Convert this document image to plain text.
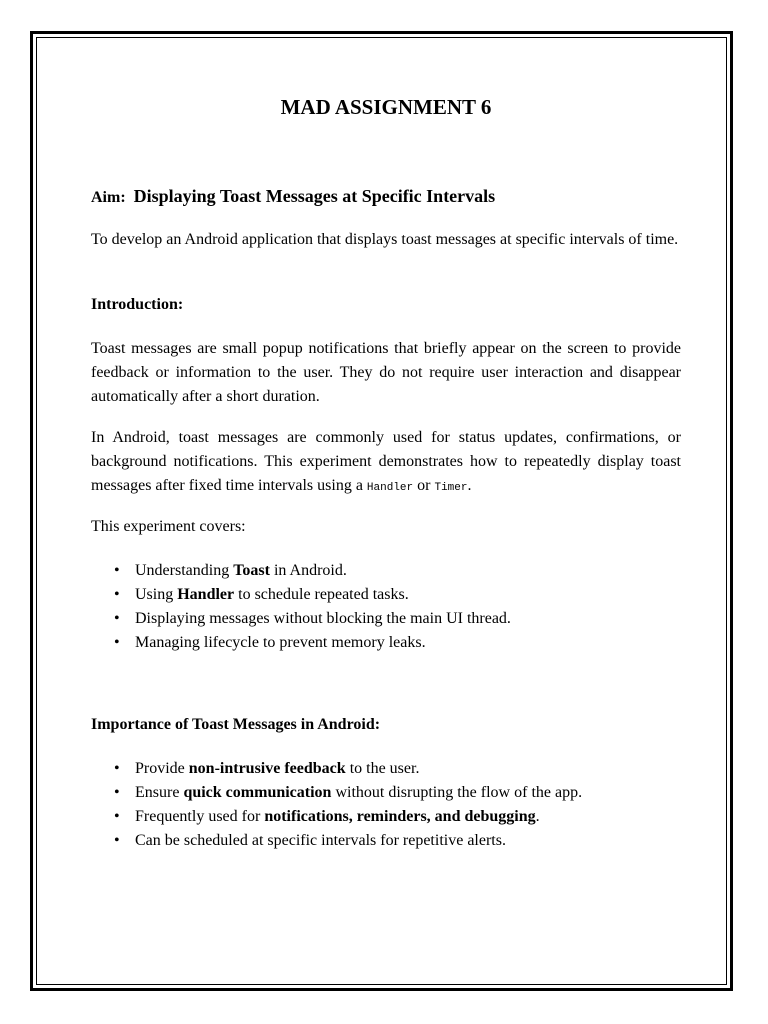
MAD ASSIGNMENT 6
Aim: Displaying Toast Messages at Specific Intervals

To develop an Android application that displays toast messages at specific intervals of time.

Introduction:

Toast messages are small popup notifications that briefly appear on the screen to provide feedback or information to the user. They do not require user interaction and disappear automatically after a short duration.

In Android, toast messages are commonly used for status updates, confirmations, or background notifications. This experiment demonstrates how to repeatedly display toast messages after fixed time intervals using a Handler or Timer.

This experiment covers:

• Understanding Toast in Android.
• Using Handler to schedule repeated tasks.
• Displaying messages without blocking the main UI thread.
• Managing lifecycle to prevent memory leaks.

Importance of Toast Messages in Android:

• Provide non-intrusive feedback to the user.
• Ensure quick communication without disrupting the flow of the app.
• Frequently used for notifications, reminders, and debugging.
• Can be scheduled at specific intervals for repetitive alerts.
